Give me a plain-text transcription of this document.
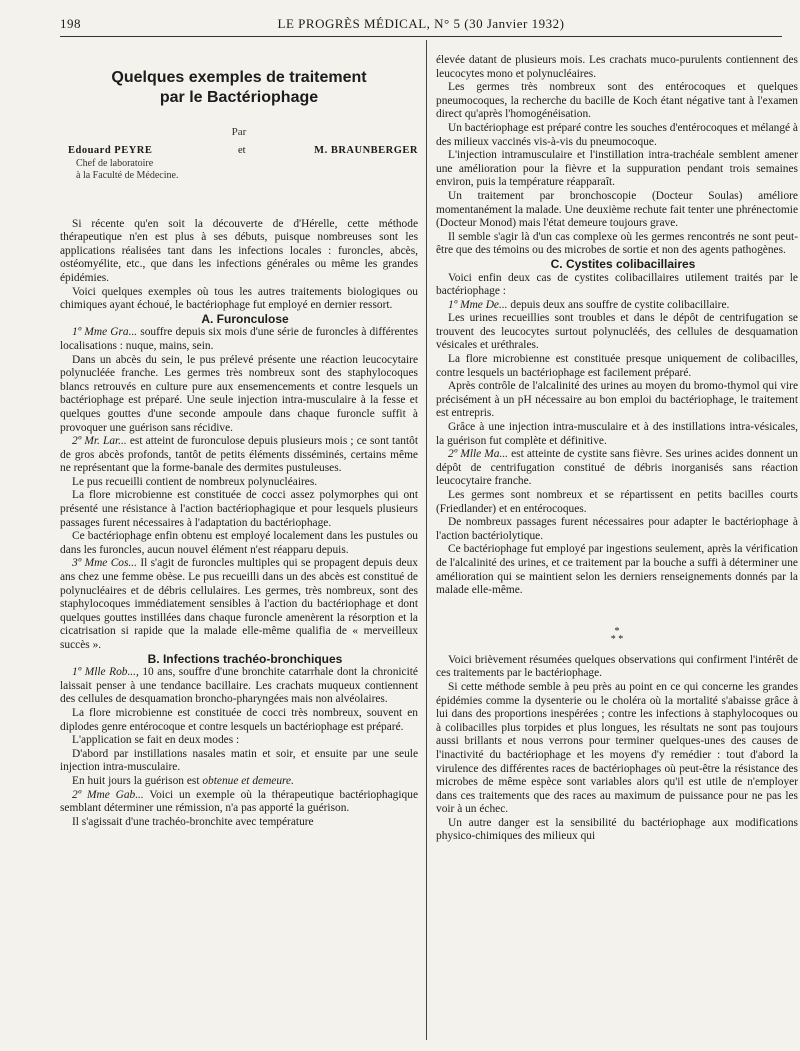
198	LE PROGRÈS MÉDICAL, N° 5 (30 Janvier 1932)
Quelques exemples de traitement
par le Bactériophage
Par
Edouard PEYRE	et	M. BRAUNBERGER
Chef de laboratoire
à la Faculté de Médecine.

Si récente qu'en soit la découverte de d'Hérelle, cette méthode thérapeutique n'en est plus à ses débuts, puisque nombreuses sont les applications réalisées tant dans les infections locales : furoncles, abcès, ostéomyélite, etc., que dans les infections générales ou même les grandes épidémies.

Voici quelques exemples où tous les autres traitements biologiques ou chimiques ayant échoué, le bactériophage fut employé en dernier ressort.

A. Furonculose

1º Mme Gra... souffre depuis six mois d'une série de furoncles à différentes localisations : nuque, mains, sein.

Dans un abcès du sein, le pus prélevé présente une réaction leucocytaire polynucléée franche. Les germes très nombreux sont des staphylocoques blancs retrouvés en culture pure aux ensemencements et contre lesquels un bactériophage est préparé. Une seule injection intra-musculaire à la fesse et quelques gouttes d'une seconde ampoule dans chaque furoncle suffit à provoquer une guérison sans récidive.

2º Mr. Lar... est atteint de furonculose depuis plusieurs mois ; ce sont tantôt de gros abcès profonds, tantôt de petits éléments disséminés, certains même ne représentant que la forme-banale des dermites pustuleuses.

Le pus recueilli contient de nombreux polynucléaires.

La flore microbienne est constituée de cocci assez polymorphes qui ont présenté une résistance à l'action bactériophagique et pour lesquels plusieurs passages furent nécessaires à l'adaptation du bactériophage.

Ce bactériophage enfin obtenu est employé localement dans les pustules ou dans les furoncles, aucun nouvel élément n'est réapparu depuis.

3º Mme Cos... Il s'agit de furoncles multiples qui se propagent depuis deux ans chez une femme obèse. Le pus recueilli dans un des abcès est constitué de polynucléaires et de débris cellulaires. Les germes, très nombreux, sont des staphylocoques immédiatement sensibles à l'action du bactériophage et dont quelques gouttes instillées dans chaque furoncle amenèrent la résorption et la cicatrisation si rapide que la malade elle-même qualifia de « merveilleux succès ».

B. Infections trachéo-bronchiques

1º Mlle Rob..., 10 ans, souffre d'une bronchite catarrhale dont la chronicité laissait penser à une tendance bacillaire. Les crachats muqueux contiennent des cellules de desquamation broncho-pharyngées mais non alvéolaires.

La flore microbienne est constituée de cocci très nombreux, souvent en diplodes genre entérocoque et contre lesquels un bactériophage est préparé.

L'application se fait en deux modes :

D'abord par instillations nasales matin et soir, et ensuite par une seule injection intra-musculaire.

En huit jours la guérison est obtenue et demeure.

2º Mme Gab... Voici un exemple où la thérapeutique bactériophagique semblant déterminer une rémission, n'a pas apporté la guérison.

Il s'agissait d'une trachéo-bronchite avec température

élevée datant de plusieurs mois. Les crachats muco-purulents contiennent des leucocytes mono et polynucléaires.

Les germes très nombreux sont des entérocoques et quelques pneumocoques, la recherche du bacille de Koch étant négative tant à l'examen direct qu'après l'homogénéisation.

Un bactériophage est préparé contre les souches d'entérocoques et mélangé à des milieux vaccinés vis-à-vis du pneumocoque.

L'injection intramusculaire et l'instillation intra-trachéale semblent amener une amélioration pour la fièvre et la suppuration pendant trois semaines environ, puis la température réapparaît.

Un traitement par bronchoscopie (Docteur Soulas) améliore momentanément la malade. Une deuxième rechute fait tenter une phrénectomie (Docteur Monod) mais l'état demeure toujours grave.

Il semble s'agir là d'un cas complexe où les germes rencontrés ne sont peut-être que des témoins ou des microbes de sortie et non des agents pathogènes.

C. Cystites colibacillaires

Voici enfin deux cas de cystites colibacillaires utilement traités par le bactériophage :

1º Mme De... depuis deux ans souffre de cystite colibacillaire.

Les urines recueillies sont troubles et dans le dépôt de centrifugation se trouvent des leucocytes surtout polynucléés, des cellules de desquamation vésicales et uréthrales.

La flore microbienne est constituée presque uniquement de colibacilles, contre lesquels un bactériophage est facilement préparé.

Après contrôle de l'alcalinité des urines au moyen du bromo-thymol qui vire précisément à un pH nécessaire au bon emploi du bactériophage, le traitement est entrepris.

Grâce à une injection intra-musculaire et à des instillations intra-vésicales, la guérison fut complète et définitive.

2º Mlle Ma... est atteinte de cystite sans fièvre. Ses urines acides donnent un dépôt de centrifugation constitué de débris inorganisés sans réaction leucocytaire franche.

Les germes sont nombreux et se répartissent en petits bacilles courts (Friedlander) et en entérocoques.

De nombreux passages furent nécessaires pour adapter le bactériophage à l'action bactériolytique.

Ce bactériophage fut employé par ingestions seulement, après la vérification de l'alcalinité des urines, et ce traitement par la bouche a suffi à déterminer une amélioration qui se maintient selon les derniers renseignements donnés par la malade elle-même.

*
* *

Voici brièvement résumées quelques observations qui confirment l'intérêt de ces traitements par le bactériophage.

Si cette méthode semble à peu près au point en ce qui concerne les grandes épidémies comme la dysenterie ou le choléra où la mortalité s'abaisse grâce à lui dans des proportions inespérées ; contre les infections à staphylocoques ou à colibacilles plus torpides et plus longues, les résultats ne sont pas toujours aussi brillants et nous verrons pour terminer quelques-unes des causes de l'inactivité du bactériophage et les moyens d'y remédier : tout d'abord la virulence des différentes races de bactériophages où peut-être la résistance des microbes de même espèce sont variables alors qu'il est utile de n'employer dans ces traitements que des races au maximum de puissance pour ne pas les voir à un échec.

Un autre danger est la sensibilité du bactériophage aux modifications physico-chimiques des milieux qui
